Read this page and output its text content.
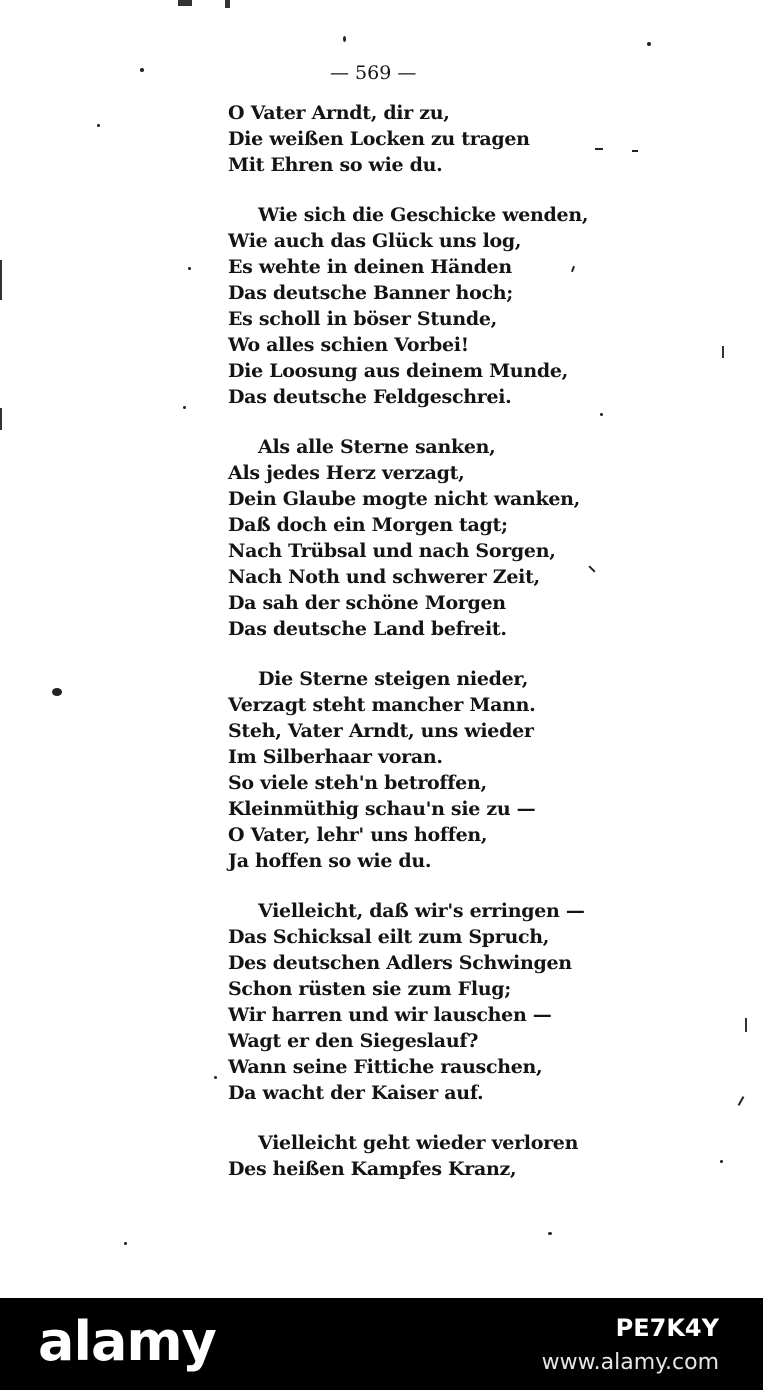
— 569 —
O Vater Arndt, dir zu,
Die weißen Locken zu tragen
Mit Ehren so wie du.
Wie sich die Geschicke wenden,
Wie auch das Glück uns log,
Es wehte in deinen Händen
Das deutsche Banner hoch;
Es scholl in böser Stunde,
Wo alles schien Vorbei!
Die Loosung aus deinem Munde,
Das deutsche Feldgeschrei.
Als alle Sterne sanken,
Als jedes Herz verzagt,
Dein Glaube mogte nicht wanken,
Daß doch ein Morgen tagt;
Nach Trübsal und nach Sorgen,
Nach Noth und schwerer Zeit,
Da sah der schöne Morgen
Das deutsche Land befreit.
Die Sterne steigen nieder,
Verzagt steht mancher Mann.
Steh, Vater Arndt, uns wieder
Im Silberhaar voran.
So viele steh'n betroffen,
Kleinmüthig schau'n sie zu —
O Vater, lehr' uns hoffen,
Ja hoffen so wie du.
Vielleicht, daß wir's erringen —
Das Schicksal eilt zum Spruch,
Des deutschen Adlers Schwingen
Schon rüsten sie zum Flug;
Wir harren und wir lauschen —
Wagt er den Siegeslauf?
Wann seine Fittiche rauschen,
Da wacht der Kaiser auf.
Vielleicht geht wieder verloren
Des heißen Kampfes Kranz,
alamy	PE7K4Y
www.alamy.com
